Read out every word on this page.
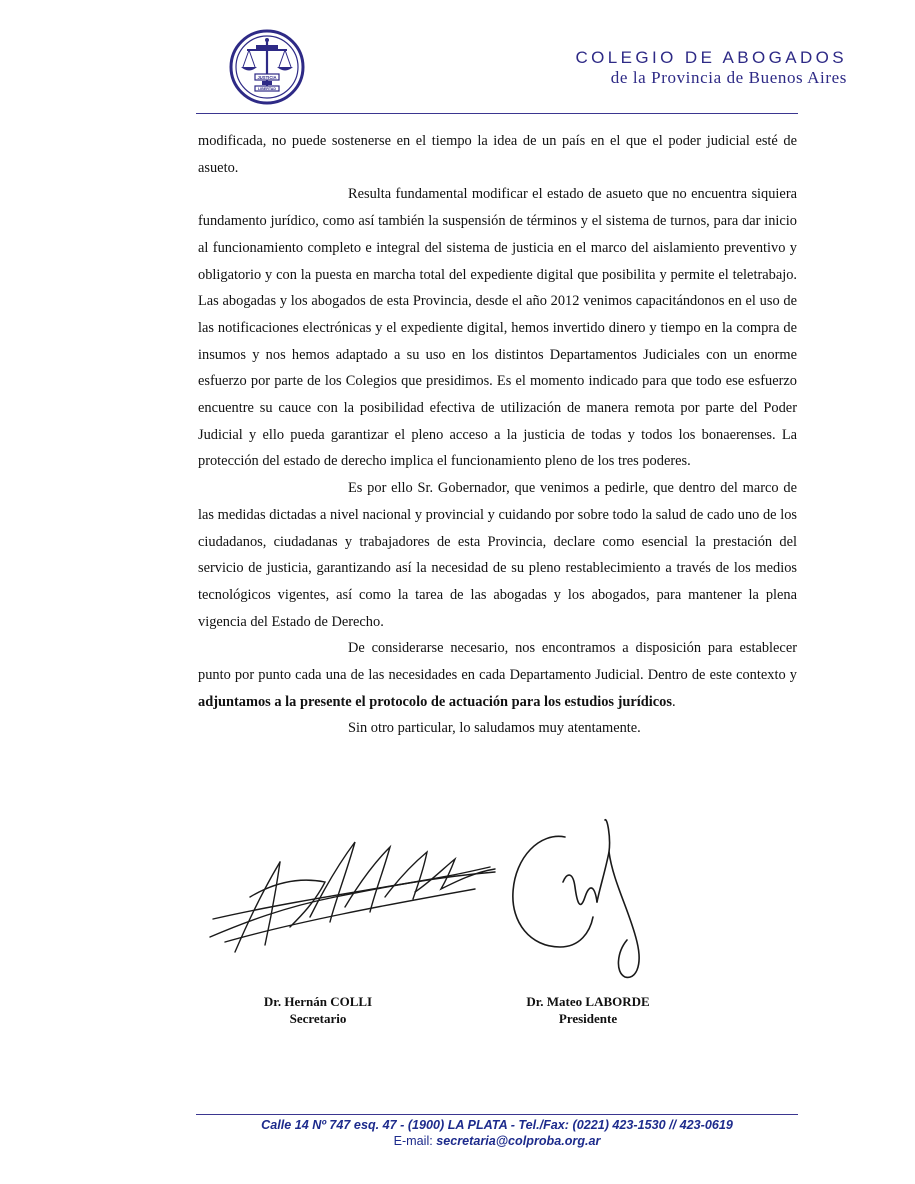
JUSTICIA
LIBERTAD
COLEGIO DE ABOGADOS
de la Provincia de Buenos Aires

modificada, no puede sostenerse en el tiempo la idea de un país en el que el poder judicial esté de asueto.

Resulta fundamental modificar el estado de asueto que no encuentra siquiera fundamento jurídico, como así también la suspensión de términos y el sistema de turnos, para dar inicio al funcionamiento completo e integral del sistema de justicia en el marco del aislamiento preventivo y obligatorio y con la puesta en marcha total del expediente digital que posibilita y permite el teletrabajo. Las abogadas y los abogados de esta Provincia, desde el año 2012 venimos capacitándonos en el uso de las notificaciones electrónicas y el expediente digital, hemos invertido dinero y tiempo en la compra de insumos y nos hemos adaptado a su uso en los distintos Departamentos Judiciales con un enorme esfuerzo por parte de los Colegios que presidimos. Es el momento indicado para que todo ese esfuerzo encuentre su cauce con la posibilidad efectiva de utilización de manera remota por parte del Poder Judicial y ello pueda garantizar el pleno acceso a la justicia de todas y todos los bonaerenses. La protección del estado de derecho implica el funcionamiento pleno de los tres poderes.

Es por ello Sr. Gobernador, que venimos a pedirle, que dentro del marco de las medidas dictadas a nivel nacional y provincial y cuidando por sobre todo la salud de cado uno de los ciudadanos, ciudadanas y trabajadores de esta Provincia, declare como esencial la prestación del servicio de justicia, garantizando así la necesidad de su pleno restablecimiento a través de los medios tecnológicos vigentes, así como la tarea de las abogadas y los abogados, para mantener la plena vigencia del Estado de Derecho.

De considerarse necesario, nos encontramos a disposición para establecer punto por punto cada una de las necesidades en cada Departamento Judicial. Dentro de este contexto y adjuntamos a la presente el protocolo de actuación para los estudios jurídicos.

Sin otro particular, lo saludamos muy atentamente.

Dr. Hernán COLLI
Secretario
Dr. Mateo LABORDE
Presidente
Calle 14 Nº 747 esq. 47 - (1900) LA PLATA - Tel./Fax: (0221) 423-1530 // 423-0619
E-mail: secretaria@colproba.org.ar
